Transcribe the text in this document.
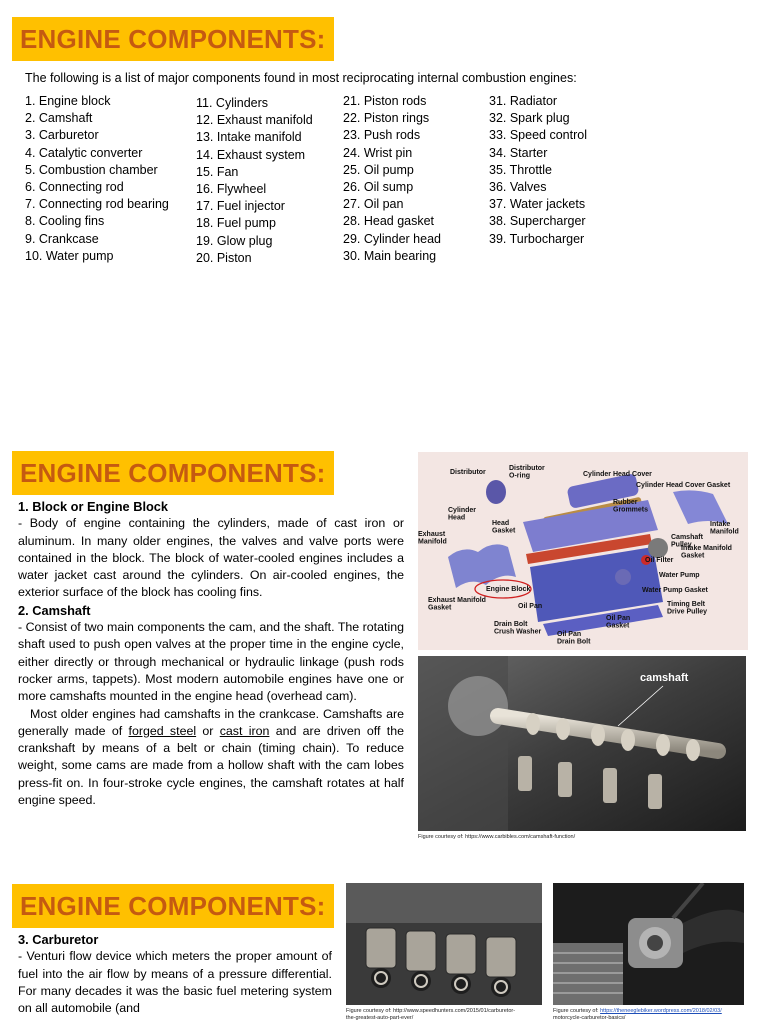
ENGINE COMPONENTS:
The following is a list of major components found in most reciprocating internal combustion engines:
1. Engine block
2. Camshaft
3. Carburetor
4. Catalytic converter
5. Combustion chamber
6. Connecting rod
7. Connecting rod bearing
8. Cooling fins
9. Crankcase
10. Water pump
11. Cylinders
12. Exhaust manifold
13. Intake manifold
14. Exhaust system
15. Fan
16. Flywheel
17. Fuel injector
18. Fuel pump
19. Glow plug
20. Piston
21. Piston rods
22. Piston rings
23. Push rods
24. Wrist pin
25. Oil pump
26. Oil sump
27. Oil pan
28. Head gasket
29. Cylinder head
30. Main bearing
31. Radiator
32. Spark plug
33. Speed control
34. Starter
35. Throttle
36. Valves
37. Water jackets
38. Supercharger
39. Turbocharger
ENGINE COMPONENTS:
1. Block or Engine Block
- Body of engine containing the cylinders, made of cast iron or aluminum. In many older engines, the valves and valve ports were contained in the block. The block of water-cooled engines includes a water jacket cast around the cylinders. On air-cooled engines, the exterior surface of the block has cooling fins.
2. Camshaft
- Consist of two main components the cam, and the shaft. The rotating shaft used to push open valves at the proper time in the engine cycle, either directly or through mechanical or hydraulic linkage (push rods rocker arms, tappets). Most modern automobile engines have one or more camshafts mounted in the engine head (overhead cam).
Most older engines had camshafts in the crankcase. Camshafts are generally made of forged steel or cast iron and are driven off the crankshaft by means of a belt or chain (timing chain). To reduce weight, some cams are made from a hollow shaft with the cam lobes press-fit on. In four-stroke cycle engines, the camshaft rotates at half engine speed.
Distributor
Distributor O-ring	Cylinder Head Cover
Cylinder Head Cover Gasket
Rubber Grommets
Cylinder Head
Head Gasket
Exhaust Manifold
Intake Manifold
Camshaft Pulley
Intake Manifold Gasket
Oil Filter
Water Pump
Engine Block	Water Pump Gasket
Exhaust Manifold Gasket	Oil Pan	Timing Belt Drive Pulley
Oil Pan Gasket
Drain Bolt Crush Washer Oil Pan Drain Bolt
camshaft
Figure courtesy of: https://www.carbibles.com/camshaft-function/
ENGINE COMPONENTS:
3. Carburetor
- Venturi flow device which meters the proper amount of fuel into the air flow by means of a pressure differential. For many decades it was the basic fuel metering system on all automobile (and	Figure courtesy of: http://www.speedhunters.com/2015/01/carburetor-
the-greatest-auto-part-ever/
Figure courtesy of: https://theneeglebiker.wordpress.com/2018/02/03/
motorcycle-carburetor-basics/
